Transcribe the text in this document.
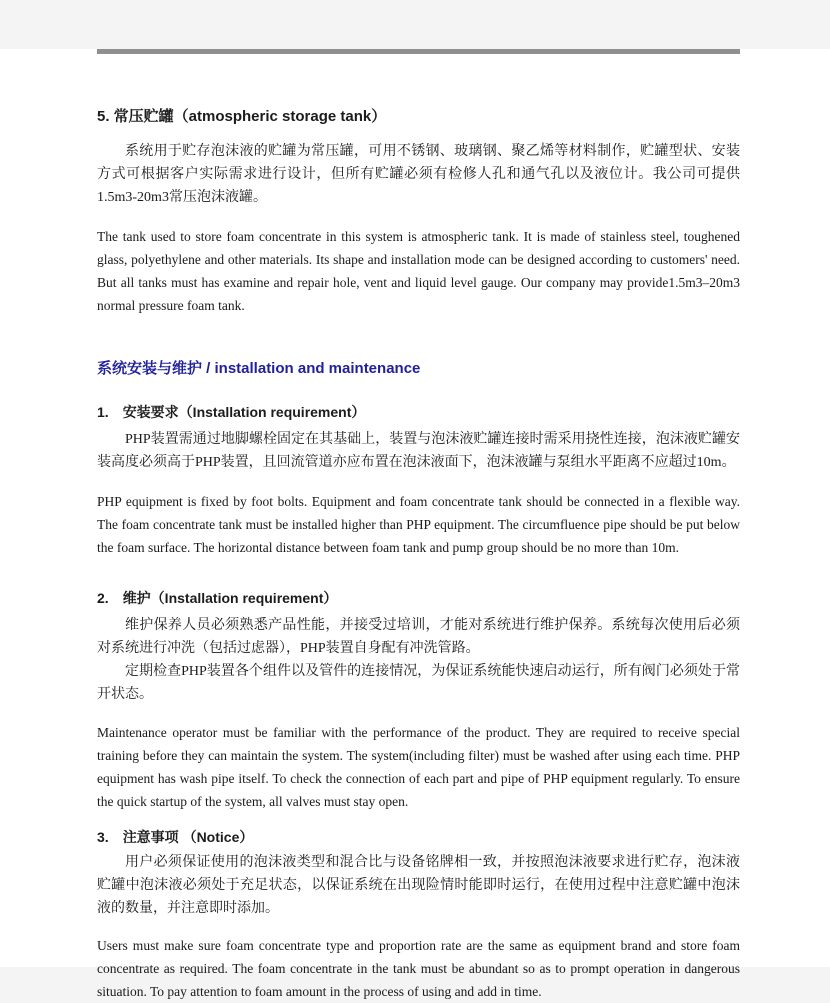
5. 常压贮罐（atmospheric storage tank）

系统用于贮存泡沫液的贮罐为常压罐，可用不锈钢、玻璃钢、聚乙烯等材料制作，贮罐型状、安装方式可根据客户实际需求进行设计，但所有贮罐必须有检修人孔和通气孔以及液位计。我公司可提供1.5m3-20m3常压泡沫液罐。

The tank used to store foam concentrate in this system is atmospheric tank. It is made of stainless steel, toughened glass, polyethylene and other materials. Its shape and installation mode can be designed according to customers' need. But all tanks must has examine and repair hole, vent and liquid level gauge. Our company may provide1.5m3–20m3 normal pressure foam tank.

系统安装与维护 / installation and maintenance
1. 安装要求（Installation requirement）

PHP装置需通过地脚螺栓固定在其基础上，装置与泡沫液贮罐连接时需采用挠性连接，泡沫液贮罐安装高度必须高于PHP装置，且回流管道亦应布置在泡沫液面下，泡沫液罐与泵组水平距离不应超过10m。

PHP equipment is fixed by foot bolts. Equipment and foam concentrate tank should be connected in a flexible way. The foam concentrate tank must be installed higher than PHP equipment. The circumfluence pipe should be put below the foam surface. The horizontal distance between foam tank and pump group should be no more than 10m.

2. 维护（Installation requirement）

维护保养人员必须熟悉产品性能，并接受过培训，才能对系统进行维护保养。系统每次使用后必须对系统进行冲洗（包括过虑器），PHP装置自身配有冲洗管路。

定期检查PHP装置各个组件以及管件的连接情况，为保证系统能快速启动运行，所有阀门必须处于常开状态。

Maintenance operator must be familiar with the performance of the product. They are required to receive special training before they can maintain the system. The system(including filter) must be washed after using each time. PHP equipment has wash pipe itself. To check the connection of each part and pipe of PHP equipment regularly. To ensure the quick startup of the system, all valves must stay open.

3. 注意事项 （Notice）

用户必须保证使用的泡沫液类型和混合比与设备铭牌相一致，并按照泡沫液要求进行贮存，泡沫液贮罐中泡沫液必须处于充足状态，以保证系统在出现险情时能即时运行，在使用过程中注意贮罐中泡沫液的数量，并注意即时添加。

Users must make sure foam concentrate type and proportion rate are the same as equipment brand and store foam concentrate as required. The foam concentrate in the tank must be abundant so as to prompt operation in dangerous situation. To pay attention to foam amount in the process of using and add in time.
